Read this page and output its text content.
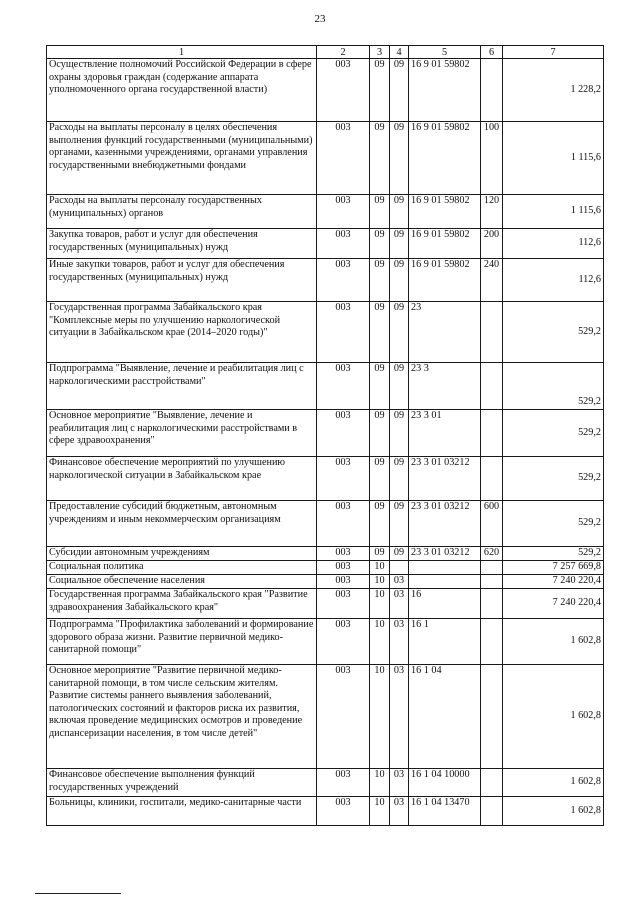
23
1	2	3	4	5	6	7
Осуществление полномочий Российской Федерации в сфере охраны здоровья граждан (содержание аппарата уполномоченного органа государственной власти)	003	09	09	16 9 01 59802		1 228,2
Расходы на выплаты персоналу в целях обеспечения выполнения функций государственными (муниципальными) органами, казенными учреждениями, органами управления государственными внебюджетными фондами	003	09	09	16 9 01 59802	100	1 115,6
Расходы на выплаты персоналу государственных (муниципальных) органов	003	09	09	16 9 01 59802	120	1 115,6
Закупка товаров, работ и услуг для обеспечения государственных (муниципальных) нужд	003	09	09	16 9 01 59802	200	112,6
Иные закупки товаров, работ и услуг для обеспечения государственных (муниципальных) нужд	003	09	09	16 9 01 59802	240	112,6
Государственная программа Забайкальского края "Комплексные меры по улучшению наркологической ситуации в Забайкальском крае (2014–2020 годы)"	003	09	09	23		529,2
Подпрограмма "Выявление, лечение и реабилитация лиц с наркологическими расстройствами"	003	09	09	23 3		529,2
Основное мероприятие "Выявление, лечение и реабилитация лиц с наркологическими расстройствами в сфере здравоохранения"	003	09	09	23 3 01		529,2
Финансовое обеспечение мероприятий по улучшению наркологической ситуации в Забайкальском крае	003	09	09	23 3 01 03212		529,2
Предоставление субсидий бюджетным, автономным учреждениям и иным некоммерческим организациям	003	09	09	23 3 01 03212	600	529,2
Субсидии автономным учреждениям	003	09	09	23 3 01 03212	620	529,2
Социальная политика	003	10				7 257 669,8
Социальное обеспечение населения	003	10	03			7 240 220,4
Государственная программа Забайкальского края "Развитие здравоохранения Забайкальского края"	003	10	03	16		7 240 220,4
Подпрограмма "Профилактика заболеваний и формирование здорового образа жизни. Развитие первичной медико-санитарной помощи"	003	10	03	16 1		1 602,8
Основное мероприятие "Развитие первичной медико-санитарной помощи, в том числе сельским жителям. Развитие системы раннего выявления заболеваний, патологических состояний и факторов риска их развития, включая проведение медицинских осмотров и проведение диспансеризации населения, в том числе детей"	003	10	03	16 1 04		1 602,8
Финансовое обеспечение выполнения функций государственных учреждений	003	10	03	16 1 04 10000		1 602,8
Больницы, клиники, госпитали, медико-санитарные части	003	10	03	16 1 04 13470		1 602,8
